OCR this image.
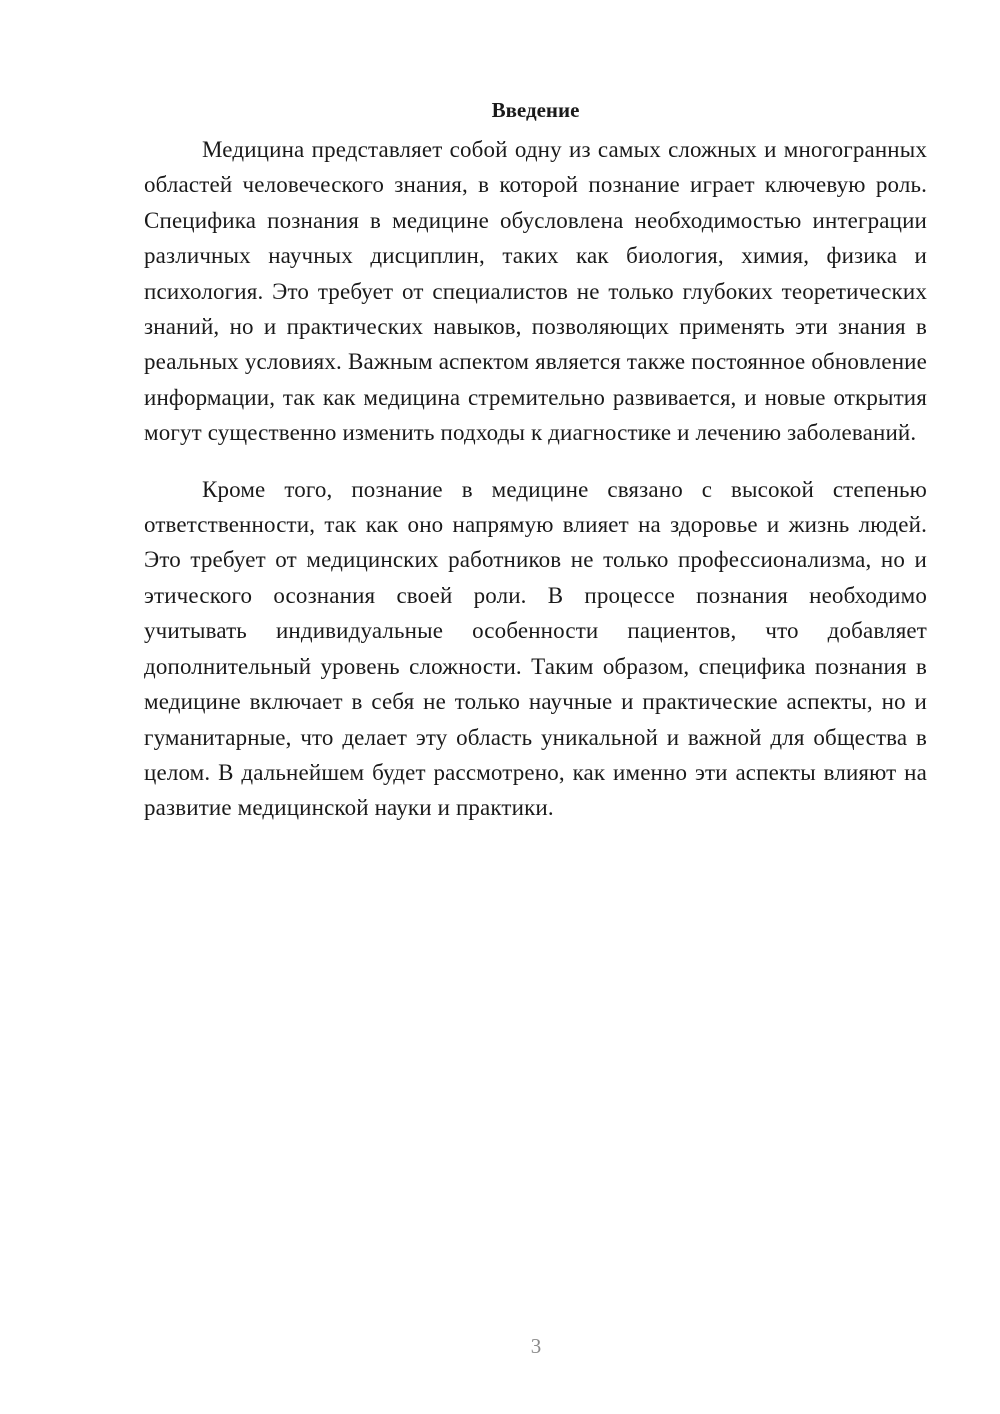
Введение

Медицина представляет собой одну из самых сложных и многогранных областей человеческого знания, в которой познание играет ключевую роль. Специфика познания в медицине обусловлена необходимостью интеграции различных научных дисциплин, таких как биология, химия, физика и психология. Это требует от специалистов не только глубоких теоретических знаний, но и практических навыков, позволяющих применять эти знания в реальных условиях. Важным аспектом является также постоянное обновление информации, так как медицина стремительно развивается, и новые открытия могут существенно изменить подходы к диагностике и лечению заболеваний.

Кроме того, познание в медицине связано с высокой степенью ответственности, так как оно напрямую влияет на здоровье и жизнь людей. Это требует от медицинских работников не только профессионализма, но и этического осознания своей роли. В процессе познания необходимо учитывать индивидуальные особенности пациентов, что добавляет дополнительный уровень сложности. Таким образом, специфика познания в медицине включает в себя не только научные и практические аспекты, но и гуманитарные, что делает эту область уникальной и важной для общества в целом. В дальнейшем будет рассмотрено, как именно эти аспекты влияют на развитие медицинской науки и практики.

3
